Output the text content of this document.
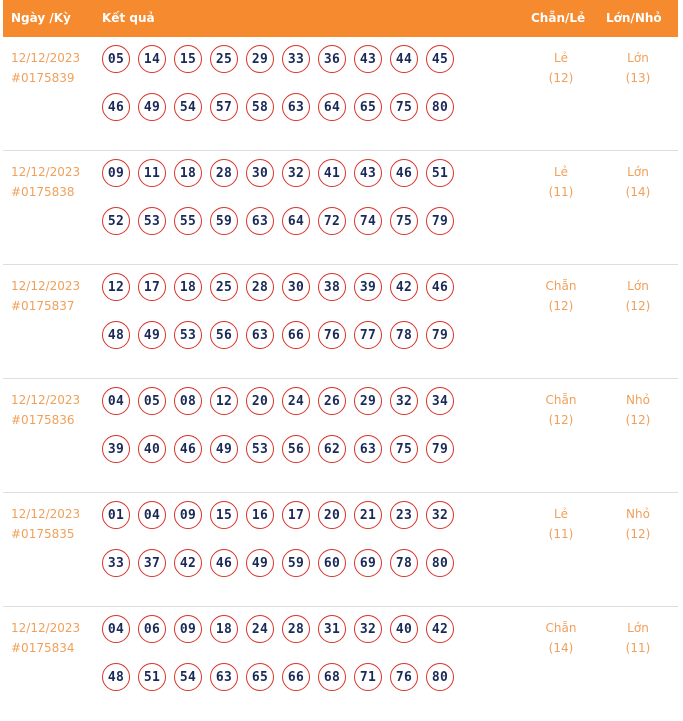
Ngày /Kỳ	Kết quả	Chẵn/Lẻ Lớn/Nhỏ
12/12/2023
#0175839
05	14	15	25	29	33	36	43	44	45
46	49	54	57	58	63	64	65	75	80
Lẻ
(12)
Lớn
(13)
12/12/2023
#0175838
09	11	18	28	30	32	41	43	46	51
52	53	55	59	63	64	72	74	75	79
Lẻ
(11)
Lớn
(14)
12/12/2023
#0175837
12	17	18	25	28	30	38	39	42	46
48	49	53	56	63	66	76	77	78	79
Chẵn
(12)
Lớn
(12)
12/12/2023
#0175836
04	05	08	12	20	24	26	29	32	34
39	40	46	49	53	56	62	63	75	79
Chẵn
(12)
Nhỏ
(12)
12/12/2023
#0175835
01	04	09	15	16	17	20	21	23	32
33	37	42	46	49	59	60	69	78	80
Lẻ
(11)
Nhỏ
(12)
12/12/2023
#0175834
04	06	09	18	24	28	31	32	40	42
48	51	54	63	65	66	68	71	76	80
Chẵn
(14)
Lớn
(11)
